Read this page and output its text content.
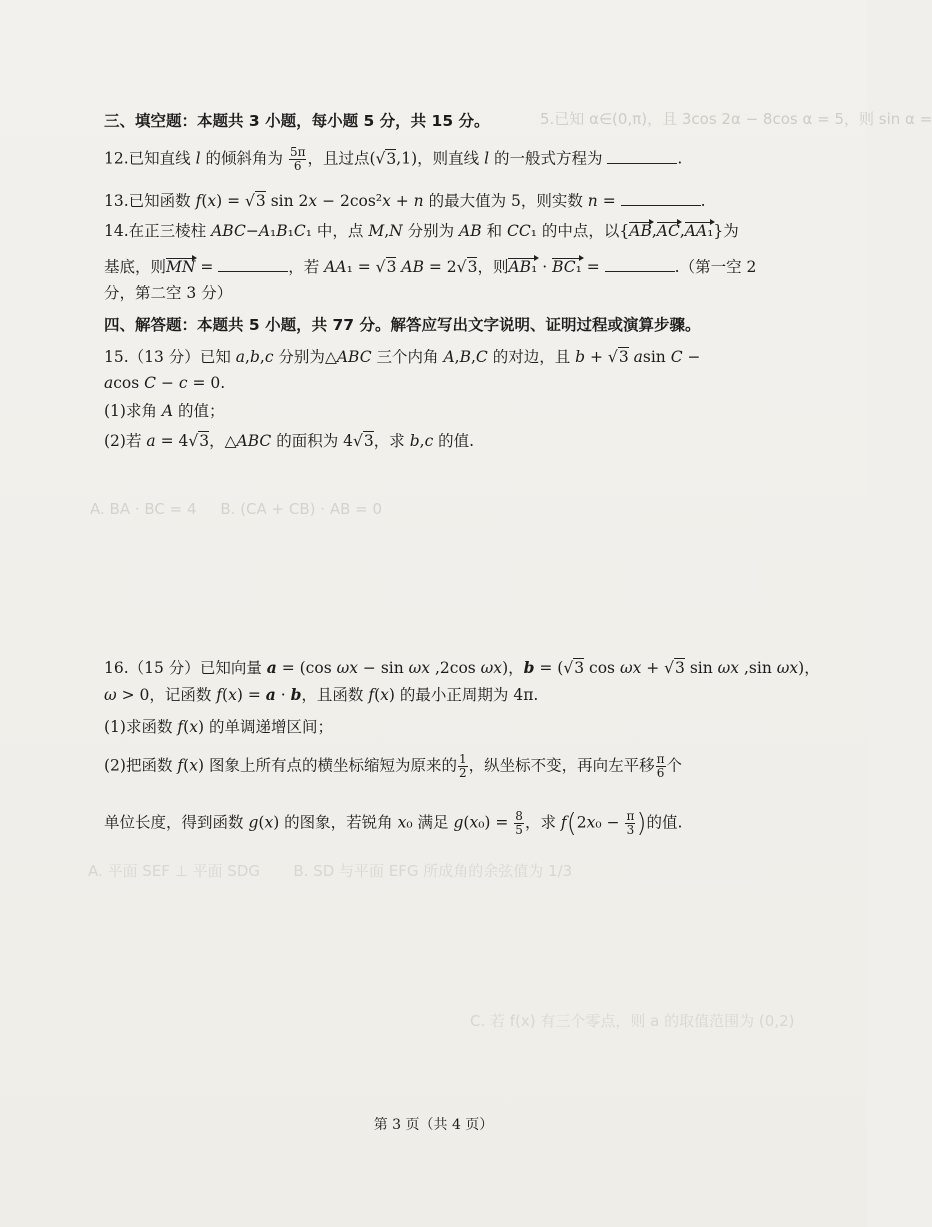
5.已知 α∈(0,π)，且 3cos 2α − 8cos α = 5，则 sin α =
A. BA · BC = 4     B. (CA + CB) · AB = 0
A. 平面 SEF ⊥ 平面 SDG       B. SD 与平面 EFG 所成角的余弦值为 1/3
C. 若 f(x) 有三个零点，则 a 的取值范围为 (0,2)
三、填空题：本题共 3 小题，每小题 5 分，共 15 分。
12.已知直线 l 的倾斜角为 $\frac{5\pi}{6}$ ，且过点(√3,1)，则直线 l 的一般式方程为	.
13.已知函数 f(x) = √3 sin 2x − 2cos²x + n 的最大值为 5，则实数 n =	.
14.在正三棱柱 ABC−A₁B₁C₁ 中，点 M,N 分别为 AB 和 CC₁ 的中点，以{AB,AC,AA₁}为
基底，则MN =	，若 AA₁ = √3 AB = 2√3，则AB₁ · BC₁ =	.（第一空 2
分，第二空 3 分）
四、解答题：本题共 5 小题，共 77 分。解答应写出文字说明、证明过程或演算步骤。
15.（13 分）已知 a,b,c 分别为△ABC 三个内角 A,B,C 的对边，且 b + √3 asin C −
acos C − c = 0.
(1)求角 A 的值；
(2)若 a = 4√3，△ABC 的面积为 4√3，求 b,c 的值.
16.（15 分）已知向量 a = (cos ωx − sin ωx ,2cos ωx)，b = (√3 cos ωx + √3 sin ωx ,sin ωx)，
ω > 0，记函数 f(x) = a · b，且函数 f(x) 的最小正周期为 4π.
(1)求函数 f(x) 的单调递增区间；
(2)把函数 f(x) 图象上所有点的横坐标缩短为原来的 $\frac{1}{2}$ ，纵坐标不变，再向左平移 $\frac{\pi}{6}$ 个
单位长度，得到函数 g(x) 的图象，若锐角 x₀ 满足 $g(x_0) = \frac{8}{5}$ ，求 $f(2x_0 - \frac{\pi}{3}$ )的值.
第 3 页（共 4 页）
